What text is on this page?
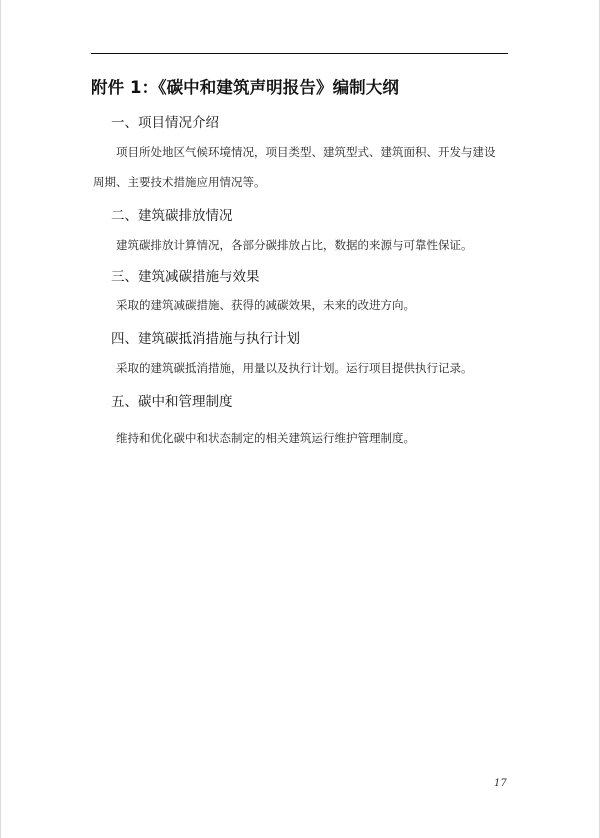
附件 1：《碳中和建筑声明报告》编制大纲
一、项目情况介绍
项目所处地区气候环境情况，项目类型、建筑型式、建筑面积、开发与建设
周期、主要技术措施应用情况等。
二、建筑碳排放情况
建筑碳排放计算情况，各部分碳排放占比，数据的来源与可靠性保证。
三、建筑减碳措施与效果
采取的建筑减碳措施、获得的减碳效果，未来的改进方向。
四、建筑碳抵消措施与执行计划
采取的建筑碳抵消措施，用量以及执行计划。运行项目提供执行记录。
五、碳中和管理制度
维持和优化碳中和状态制定的相关建筑运行维护管理制度。
17
